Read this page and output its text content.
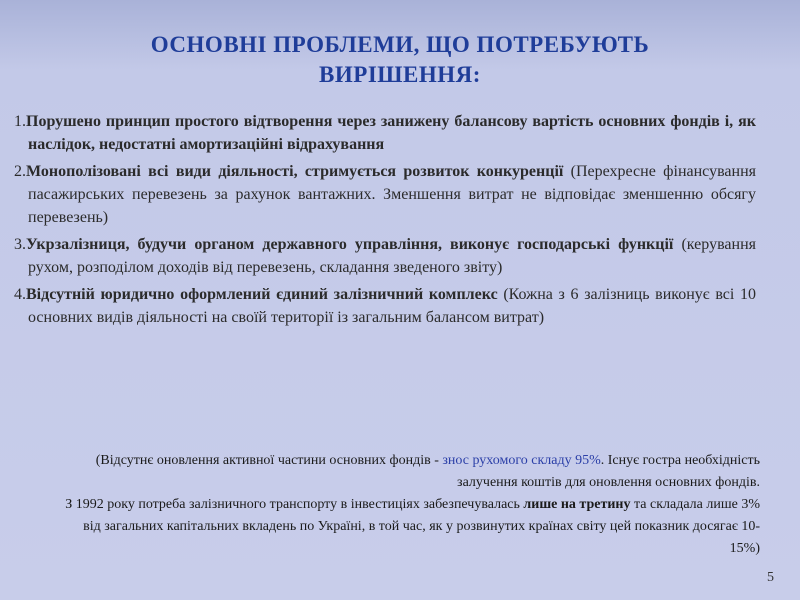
ОСНОВНІ ПРОБЛЕМИ, ЩО ПОТРЕБУЮТЬ
ВИРІШЕННЯ:
1.Порушено принцип простого відтворення через занижену балансову вартість основних фондів і, як наслідок, недостатні амортизаційні відрахування
2.Монополізовані всі види діяльності, стримується розвиток конкуренції (Перехресне фінансування пасажирських перевезень за рахунок вантажних. Зменшення витрат не відповідає зменшенню обсягу перевезень)
3.Укрзалізниця, будучи органом державного управління, виконує господарські функції (керування рухом, розподілом доходів від перевезень, складання зведеного звіту)
4.Відсутній юридично оформлений єдиний залізничний комплекс (Кожна з 6 залізниць виконує всі 10 основних видів діяльності на своїй території із загальним балансом витрат)
(Відсутнє оновлення активної частини основних фондів - знос рухомого складу 95%. Існує гостра необхідність залучення коштів для оновлення основних фондів.
З 1992 року потреба залізничного транспорту в інвестиціях забезпечувалась лише на третину та складала лише 3% від загальних капітальних вкладень по Україні, в той час, як у розвинутих країнах світу цей показник досягає 10-15%)
5
